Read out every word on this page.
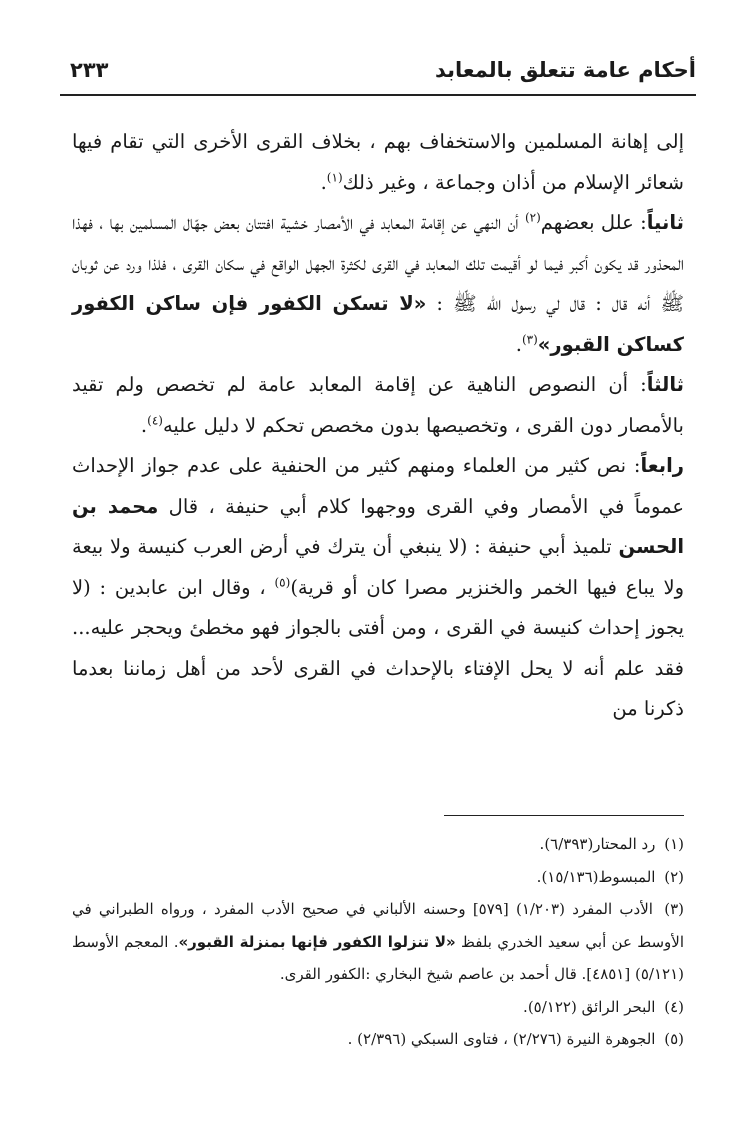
أحكام عامة تتعلق بالمعابد
٢٣٣

إلى إهانة المسلمين والاستخفاف بهم ، بخلاف القرى الأخرى التي تقام فيها شعائر الإسلام من أذان وجماعة ، وغير ذلك$^{(١)}$.

ثانياً: علل بعضهم$^{(٢)}$ أن النهي عن إقامة المعابد في الأمصار خشية افتتان بعض جهّال المسلمين بها ، فهذا المحذور قد يكون أكبر فيما لو أقيمت تلك المعابد في القرى لكثرة الجهل الواقع في سكان القرى ، فلذا ورد عن ثوبان ﷺ أنه قال : قال لي رسول الله ﷺ : «لا تسكن الكفور فإن ساكن الكفور كساكن القبور»$^{(٣)}$.

ثالثاً: أن النصوص الناهية عن إقامة المعابد عامة لم تخصص ولم تقيد بالأمصار دون القرى ، وتخصيصها بدون مخصص تحكم لا دليل عليه$^{(٤)}$.

رابعاً: نص كثير من العلماء ومنهم كثير من الحنفية على عدم جواز الإحداث عموماً في الأمصار وفي القرى ووجهوا كلام أبي حنيفة ، قال محمد بن الحسن تلميذ أبي حنيفة : (لا ينبغي أن يترك في أرض العرب كنيسة ولا بيعة ولا يباع فيها الخمر والخنزير مصرا كان أو قرية)$^{(٥)}$ ، وقال ابن عابدين : (لا يجوز إحداث كنيسة في القرى ، ومن أفتى بالجواز فهو مخطئ ويحجر عليه... فقد علم أنه لا يحل الإفتاء بالإحداث في القرى لأحد من أهل زماننا بعدما ذكرنا من

(١) رد المحتار(٦/٣٩٣).

(٢) المبسوط(١٥/١٣٦).

(٣) الأدب المفرد (١/٢٠٣) [٥٧٩] وحسنه الألباني في صحيح الأدب المفرد ، ورواه الطبراني في الأوسط عن أبي سعيد الخدري بلفظ «لا تنزلوا الكفور فإنها بمنزلة القبور». المعجم الأوسط (٥/١٢١) [٤٨٥١]. قال أحمد بن عاصم شيخ البخاري :الكفور القرى.

(٤) البحر الرائق (٥/١٢٢).

(٥) الجوهرة النيرة (٢/٢٧٦) ، فتاوى السبكي (٢/٣٩٦) .
